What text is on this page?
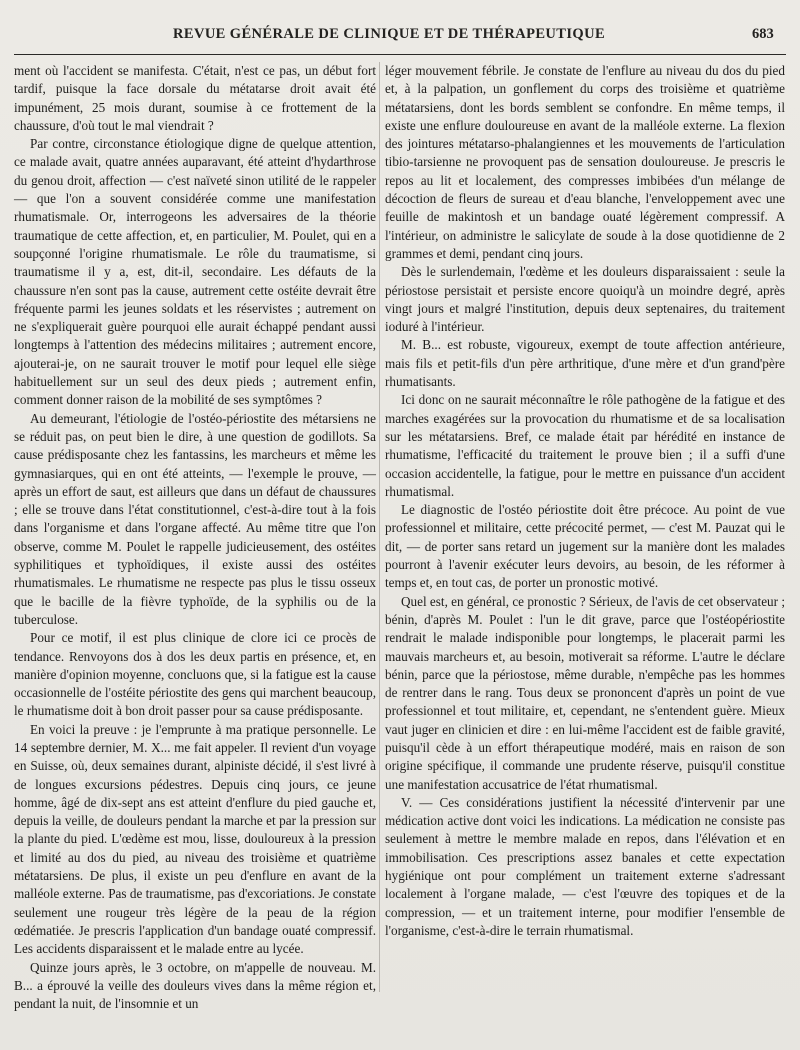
REVUE GÉNÉRALE DE CLINIQUE ET DE THÉRAPEUTIQUE	683

ment où l'accident se manifesta. C'était, n'est ce pas, un début fort tardif, puisque la face dorsale du métatarse droit avait été impunément, 25 mois durant, soumise à ce frottement de la chaussure, d'où tout le mal viendrait ?

Par contre, circonstance étiologique digne de quelque attention, ce malade avait, quatre années auparavant, été atteint d'hydarthrose du genou droit, affection — c'est naïveté sinon utilité de le rappeler — que l'on a souvent considérée comme une manifestation rhumatismale. Or, interrogeons les adversaires de la théorie traumatique de cette affection, et, en particulier, M. Poulet, qui en a soupçonné l'origine rhumatismale. Le rôle du traumatisme, si traumatisme il y a, est, dit-il, secondaire. Les défauts de la chaussure n'en sont pas la cause, autrement cette ostéite devrait être fréquente parmi les jeunes soldats et les réservistes ; autrement on ne s'expliquerait guère pourquoi elle aurait échappé pendant aussi longtemps à l'attention des médecins militaires ; autrement encore, ajouterai-je, on ne saurait trouver le motif pour lequel elle siège habituellement sur un seul des deux pieds ; autrement enfin, comment donner raison de la mobilité de ses symptômes ?

Au demeurant, l'étiologie de l'ostéo-périostite des métarsiens ne se réduit pas, on peut bien le dire, à une question de godillots. Sa cause prédisposante chez les fantassins, les marcheurs et même les gymnasiarques, qui en ont été atteints, — l'exemple le prouve, — après un effort de saut, est ailleurs que dans un défaut de chaussures ; elle se trouve dans l'état constitutionnel, c'est-à-dire tout à la fois dans l'organisme et dans l'organe affecté. Au même titre que l'on observe, comme M. Poulet le rappelle judicieusement, des ostéites syphilitiques et typhoïdiques, il existe aussi des ostéites rhumatismales. Le rhumatisme ne respecte pas plus le tissu osseux que le bacille de la fièvre typhoïde, de la syphilis ou de la tuberculose.

Pour ce motif, il est plus clinique de clore ici ce procès de tendance. Renvoyons dos à dos les deux partis en présence, et, en manière d'opinion moyenne, concluons que, si la fatigue est la cause occasionnelle de l'ostéite périostite des gens qui marchent beaucoup, le rhumatisme doit à bon droit passer pour sa cause prédisposante.

En voici la preuve : je l'emprunte à ma pratique personnelle. Le 14 septembre dernier, M. X... me fait appeler. Il revient d'un voyage en Suisse, où, deux semaines durant, alpiniste décidé, il s'est livré à de longues excursions pédestres. Depuis cinq jours, ce jeune homme, âgé de dix-sept ans est atteint d'enflure du pied gauche et, depuis la veille, de douleurs pendant la marche et par la pression sur la plante du pied. L'œdème est mou, lisse, douloureux à la pression et limité au dos du pied, au niveau des troisième et quatrième métatarsiens. De plus, il existe un peu d'enflure en avant de la malléole externe. Pas de traumatisme, pas d'excoriations. Je constate seulement une rougeur très légère de la peau de la région œdématiée. Je prescris l'application d'un bandage ouaté compressif. Les accidents disparaissent et le malade entre au lycée.

Quinze jours après, le 3 octobre, on m'appelle de nouveau. M. B... a éprouvé la veille des douleurs vives dans la même région et, pendant la nuit, de l'insomnie et un

léger mouvement fébrile. Je constate de l'enflure au niveau du dos du pied et, à la palpation, un gonflement du corps des troisième et quatrième métatarsiens, dont les bords semblent se confondre. En même temps, il existe une enflure douloureuse en avant de la malléole externe. La flexion des jointures métatarso-phalangiennes et les mouvements de l'articulation tibio-tarsienne ne provoquent pas de sensation douloureuse. Je prescris le repos au lit et localement, des compresses imbibées d'un mélange de décoction de fleurs de sureau et d'eau blanche, l'enveloppement avec une feuille de makintosh et un bandage ouaté légèrement compressif. A l'intérieur, on administre le salicylate de soude à la dose quotidienne de 2 grammes et demi, pendant cinq jours.

Dès le surlendemain, l'œdème et les douleurs disparaissaient : seule la périostose persistait et persiste encore quoiqu'à un moindre degré, après vingt jours et malgré l'institution, depuis deux septenaires, du traitement ioduré à l'intérieur.

M. B... est robuste, vigoureux, exempt de toute affection antérieure, mais fils et petit-fils d'un père arthritique, d'une mère et d'un grand'père rhumatisants.

Ici donc on ne saurait méconnaître le rôle pathogène de la fatigue et des marches exagérées sur la provocation du rhumatisme et de sa localisation sur les métatarsiens. Bref, ce malade était par hérédité en instance de rhumatisme, l'efficacité du traitement le prouve bien ; il a suffi d'une occasion accidentelle, la fatigue, pour le mettre en puissance d'un accident rhumatismal.

Le diagnostic de l'ostéo périostite doit être précoce. Au point de vue professionnel et militaire, cette précocité permet, — c'est M. Pauzat qui le dit, — de porter sans retard un jugement sur la manière dont les malades pourront à l'avenir exécuter leurs devoirs, au besoin, de les réformer à temps et, en tout cas, de porter un pronostic motivé.

Quel est, en général, ce pronostic ? Sérieux, de l'avis de cet observateur ; bénin, d'après M. Poulet : l'un le dit grave, parce que l'ostéopériostite rendrait le malade indisponible pour longtemps, le placerait parmi les mauvais marcheurs et, au besoin, motiverait sa réforme. L'autre le déclare bénin, parce que la périostose, même durable, n'empêche pas les hommes de rentrer dans le rang. Tous deux se prononcent d'après un point de vue professionnel et tout militaire, et, cependant, ne s'entendent guère. Mieux vaut juger en clinicien et dire : en lui-même l'accident est de faible gravité, puisqu'il cède à un effort thérapeutique modéré, mais en raison de son origine spécifique, il commande une prudente réserve, puisqu'il constitue une manifestation accusatrice de l'état rhumatismal.

V. — Ces considérations justifient la nécessité d'intervenir par une médication active dont voici les indications. La médication ne consiste pas seulement à mettre le membre malade en repos, dans l'élévation et en immobilisation. Ces prescriptions assez banales et cette expectation hygiénique ont pour complément un traitement externe s'adressant localement à l'organe malade, — c'est l'œuvre des topiques et de la compression, — et un traitement interne, pour modifier l'ensemble de l'organisme, c'est-à-dire le terrain rhumatismal.
